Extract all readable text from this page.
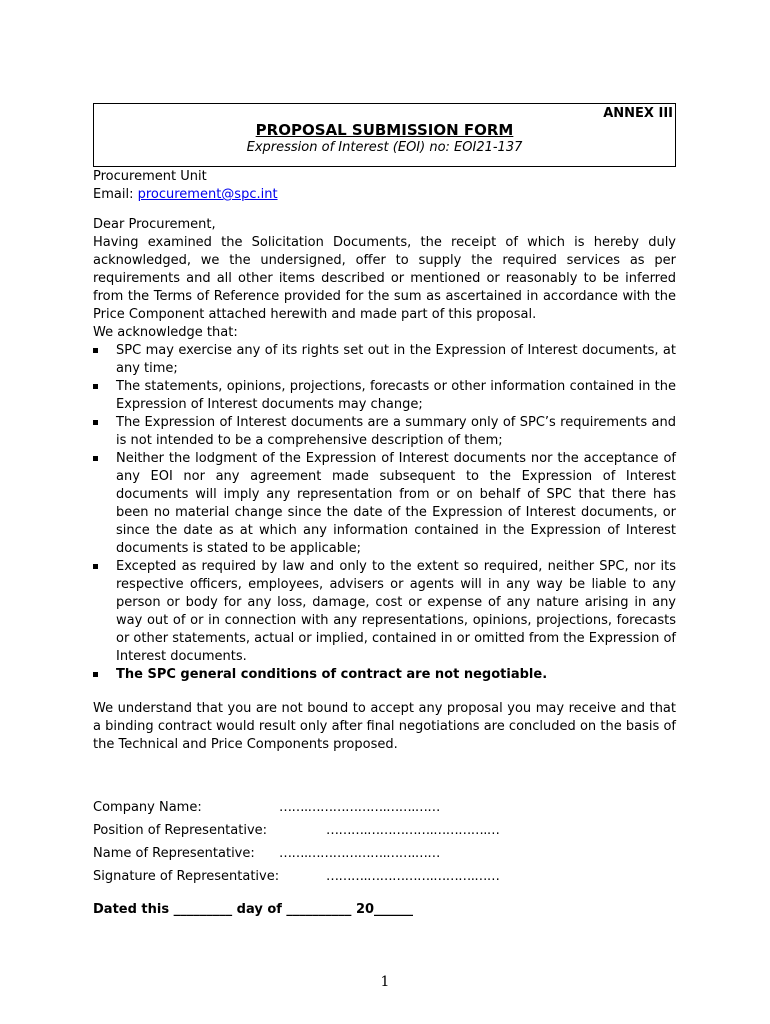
ANNEX III
PROPOSAL SUBMISSION FORM
Expression of Interest (EOI) no: EOI21-137

Procurement Unit

Email: procurement@spc.int

Dear Procurement,

Having examined the Solicitation Documents, the receipt of which is hereby duly acknowledged, we the undersigned, offer to supply the required services as per requirements and all other items described or mentioned or reasonably to be inferred from the Terms of Reference provided for the sum as ascertained in accordance with the Price Component attached herewith and made part of this proposal.

We acknowledge that:

SPC may exercise any of its rights set out in the Expression of Interest documents, at any time;
The statements, opinions, projections, forecasts or other information contained in the Expression of Interest documents may change;
The Expression of Interest documents are a summary only of SPC’s requirements and is not intended to be a comprehensive description of them;
Neither the lodgment of the Expression of Interest documents nor the acceptance of any EOI nor any agreement made subsequent to the Expression of Interest documents will imply any representation from or on behalf of SPC that there has been no material change since the date of the Expression of Interest documents, or since the date as at which any information contained in the Expression of Interest documents is stated to be applicable;
Excepted as required by law and only to the extent so required, neither SPC, nor its respective officers, employees, advisers or agents will in any way be liable to any person or body for any loss, damage, cost or expense of any nature arising in any way out of or in connection with any representations, opinions, projections, forecasts or other statements, actual or implied, contained in or omitted from the Expression of Interest documents.
The SPC general conditions of contract are not negotiable.

We understand that you are not bound to accept any proposal you may receive and that a binding contract would result only after final negotiations are concluded on the basis of the Technical and Price Components proposed.

Company Name:	…….……………….…….……
Position of Representative:	……….…………….………….…
Name of Representative: …….……………….…….……
Signature of Representative:	……….…………….……….……
Dated this _________ day of __________ 20______
1
